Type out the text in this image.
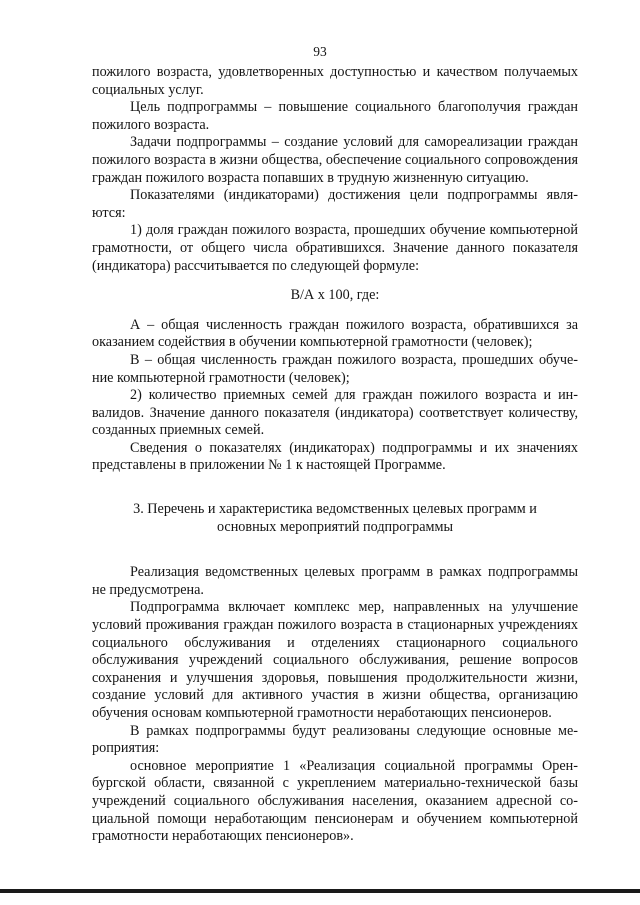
93

пожилого возраста, удовлетворенных доступностью и качеством получаемых социальных услуг.

Цель подпрограммы – повышение социального благополучия граждан пожилого возраста.

Задачи подпрограммы – создание условий для самореализации граждан пожилого возраста в жизни общества, обеспечение социального сопровождения граждан пожилого возраста попавших в трудную жизненную ситуацию.

Показателями (индикаторами) достижения цели подпрограммы являются:

1) доля граждан пожилого возраста, прошедших обучение компьютерной грамотности, от общего числа обратившихся. Значение данного показателя (индикатора) рассчитывается по следующей формуле:

В/А х 100, где:

А – общая численность граждан пожилого возраста, обратившихся за оказанием содействия в обучении компьютерной грамотности (человек);

В – общая численность граждан пожилого возраста, прошедших обучение компьютерной грамотности (человек);

2) количество приемных семей для граждан пожилого возраста и инвалидов. Значение данного показателя (индикатора) соответствует количеству, созданных приемных семей.

Сведения о показателях (индикаторах) подпрограммы и их значениях представлены в приложении № 1 к настоящей Программе.

3. Перечень и характеристика ведомственных целевых программ и
основных мероприятий подпрограммы

Реализация ведомственных целевых программ в рамках подпрограммы не предусмотрена.

Подпрограмма включает комплекс мер, направленных на улучшение условий проживания граждан пожилого возраста в стационарных учреждениях социального обслуживания и отделениях стационарного социального обслуживания учреждений социального обслуживания, решение вопросов сохранения и улучшения здоровья, повышения продолжительности жизни, создание условий для активного участия в жизни общества, организацию обучения основам компьютерной грамотности неработающих пенсионеров.

В рамках подпрограммы будут реализованы следующие основные мероприятия:

основное мероприятие 1 «Реализация социальной программы Оренбургской области, связанной с укреплением материально-технической базы учреждений социального обслуживания населения, оказанием адресной социальной помощи неработающим пенсионерам и обучением компьютерной грамотности неработающих пенсионеров».
